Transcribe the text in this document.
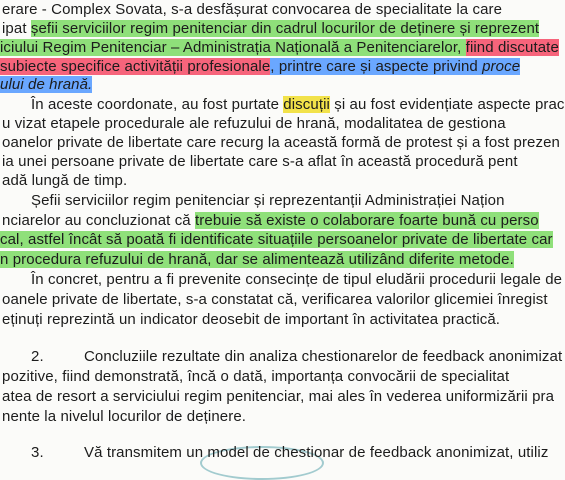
erare - Complex Sovata, s-a desfășurat convocarea de specialitate la care
ipat șefii serviciilor regim penitenciar din cadrul locurilor de deținere și reprezent
iciului Regim Penitenciar – Administrația Națională a Penitenciarelor, fiind discutate
subiecte specifice activității profesionale, printre care și aspecte privind proce
ului de hrană.
În aceste coordonate, au fost purtate discuții și au fost evidențiate aspecte prac
u vizat etapele procedurale ale refuzului de hrană, modalitatea de gestiona
oanelor private de libertate care recurg la această formă de protest și a fost prezen
ia unei persoane private de libertate care s-a aflat în această procedură pent
adă lungă de timp.
Șefii serviciilor regim penitenciar și reprezentanții Administrației Națion
nciarelor au concluzionat că trebuie să existe o colaborare foarte bună cu perso
cal, astfel încât să poată fi identificate situațiile persoanelor private de libertate car
n procedura refuzului de hrană, dar se alimentează utilizând diferite metode.
În concret, pentru a fi prevenite consecințe de tipul eludării procedurii legale de
oanele private de libertate, s-a constatat că, verificarea valorilor glicemiei înregist
eținuți reprezintă un indicator deosebit de important în activitatea practică.
2.	Concluziile rezultate din analiza chestionarelor de feedback anonimizat
pozitive, fiind demonstrată, încă o dată, importanța convocării de specialitat
atea de resort a serviciului regim penitenciar, mai ales în vederea uniformizării pra
nente la nivelul locurilor de deținere.
3.	Vă transmitem un model de chestionar de feedback anonimizat, utiliz
